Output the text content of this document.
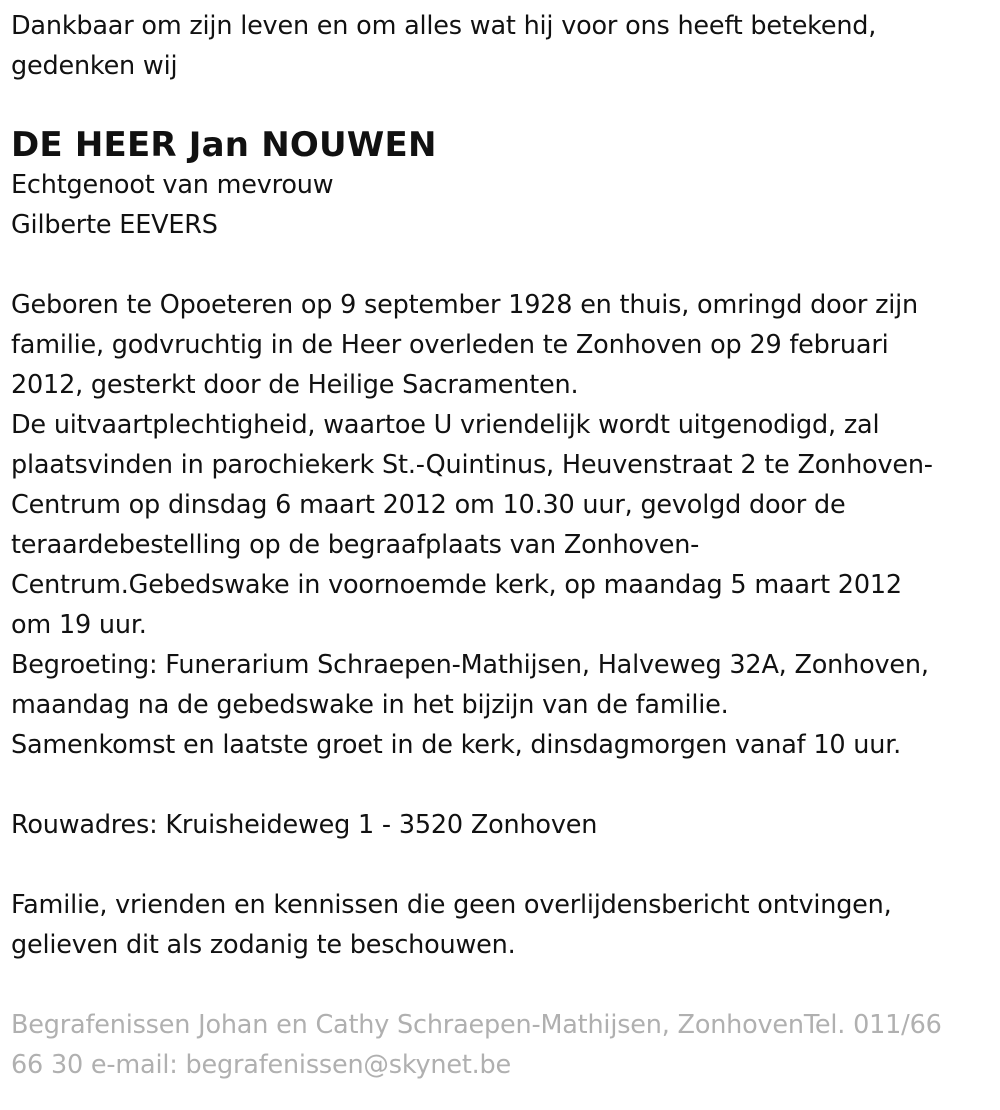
Dankbaar om zijn leven en om alles wat hij voor ons heeft betekend,
gedenken wij

DE HEER Jan NOUWEN

Echtgenoot van mevrouw

Gilberte EEVERS

Geboren te Opoeteren op 9 september 1928 en thuis, omringd door zijn
familie, godvruchtig in de Heer overleden te Zonhoven op 29 februari
2012, gesterkt door de Heilige Sacramenten.
De uitvaartplechtigheid, waartoe U vriendelijk wordt uitgenodigd, zal
plaatsvinden in parochiekerk St.-Quintinus, Heuvenstraat 2 te Zonhoven-
Centrum op dinsdag 6 maart 2012 om 10.30 uur, gevolgd door de
teraardebestelling op de begraafplaats van Zonhoven-
Centrum.Gebedswake in voornoemde kerk, op maandag 5 maart 2012
om 19 uur.
Begroeting: Funerarium Schraepen-Mathijsen, Halveweg 32A, Zonhoven,
maandag na de gebedswake in het bijzijn van de familie.
Samenkomst en laatste groet in de kerk, dinsdagmorgen vanaf 10 uur.

Rouwadres: Kruisheideweg 1 - 3520 Zonhoven

Familie, vrienden en kennissen die geen overlijdensbericht ontvingen,
gelieven dit als zodanig te beschouwen.

Begrafenissen Johan en Cathy Schraepen-Mathijsen, ZonhovenTel. 011/66
66 30 e-mail: begrafenissen@skynet.be
